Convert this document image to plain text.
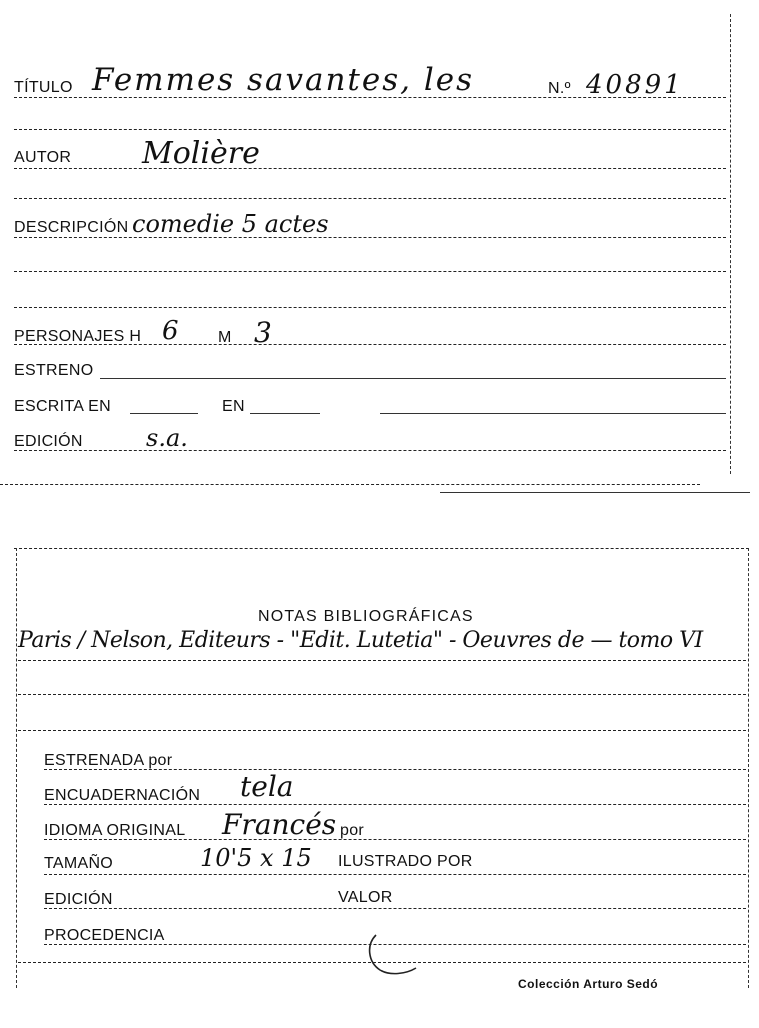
TÍTULO Femmes savantes, les	N.º 40891
AUTOR Molière
DESCRIPCIÓN comedie 5 actes
PERSONAJES H 6 M 3
ESTRENO
ESCRITA EN	EN
EDICIÓN	s.a.
NOTAS BIBLIOGRÁFICAS
Paris / Nelson, Editeurs - "Edit. Lutetia" - Oeuvres de — tomo VI
ESTRENADA por
ENCUADERNACIÓN tela
IDIOMA ORIGINAL Francés por
TAMAÑO	10'5 x 15 ILUSTRADO POR
EDICIÓN	VALOR
PROCEDENCIA
Colección Arturo Sedó
